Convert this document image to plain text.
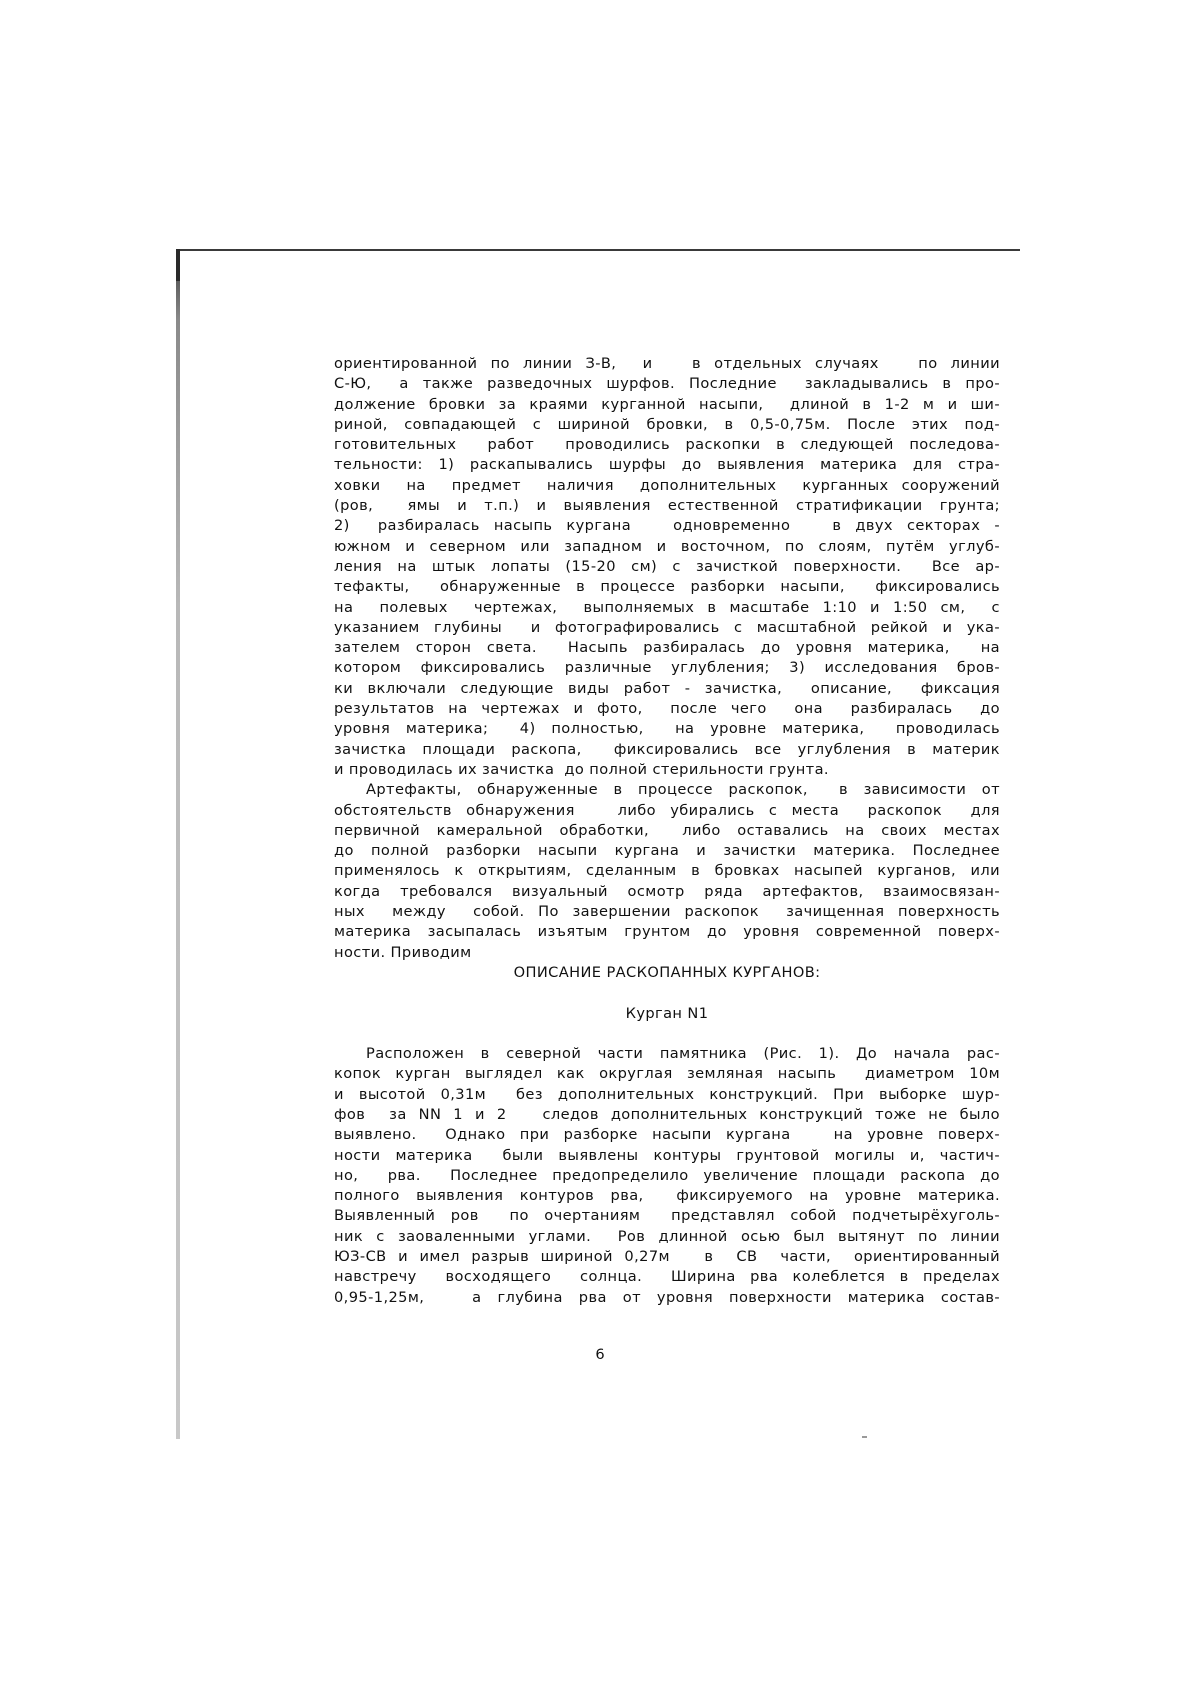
ориентированной по линии З-В,  и   в отдельных случаях   по линии
С-Ю,  а также разведочных шурфов. Последние  закладывались в про-
должение бровки за краями курганной насыпи,  длиной в 1-2 м и ши-
риной, совпадающей с шириной бровки, в 0,5-0,75м. После этих под-
готовительных  работ  проводились раскопки в следующей последова-
тельности: 1) раскапывались шурфы до выявления материка для стра-
ховки  на  предмет  наличия  дополнительных  курганных сооружений
(ров,  ямы и т.п.) и выявления естественной стратификации грунта;
2)  разбиралась насыпь кургана   одновременно   в двух секторах -
южном и северном или западном и восточном, по слоям, путём углуб-
ления на штык лопаты (15-20 см) с зачисткой поверхности.  Все ар-
тефакты,  обнаруженные в процессе разборки насыпи,  фиксировались
на  полевых  чертежах,  выполняемых в масштабе 1:10 и 1:50 см,  с
указанием глубины  и фотографировались с масштабной рейкой и ука-
зателем сторон света.  Насыпь разбиралась до уровня материка,  на
котором фиксировались различные углубления; 3) исследования бров-
ки включали следующие виды работ - зачистка,  описание,  фиксация
результатов на чертежах и фото,  после чего  она  разбиралась  до
уровня материка;  4) полностью,  на уровне материка,  проводилась
зачистка площади раскопа,  фиксировались все углубления в материк
и проводилась их зачистка  до полной стерильности грунта.
Артефакты, обнаруженные в процессе раскопок,  в зависимости от
обстоятельств обнаружения   либо убирались с места  раскопок  для
первичной камеральной обработки,  либо оставались на своих местах
до полной разборки насыпи кургана и зачистки материка. Последнее
применялось к открытиям, сделанным в бровках насыпей курганов, или
когда требовался визуальный осмотр ряда артефактов, взаимосвязан-
ных  между  собой. По завершении раскопок  зачищенная поверхность
материка засыпалась изъятым грунтом до уровня современной поверх-
ности. Приводим
ОПИСАНИЕ РАСКОПАННЫХ КУРГАНОВ:
Курган N1
Расположен в северной части памятника (Рис. 1). До начала рас-
копок курган выглядел как округлая земляная насыпь  диаметром 10м
и высотой 0,31м  без дополнительных конструкций. При выборке шур-
фов  за NN 1 и 2   следов дополнительных конструкций тоже не было
выявлено.  Однако при разборке насыпи кургана   на уровне поверх-
ности материка  были выявлены контуры грунтовой могилы и, частич-
но,  рва.  Последнее предопределило увеличение площади раскопа до
полного выявления контуров рва,  фиксируемого на уровне материка.
Выявленный ров  по очертаниям  представлял собой подчетырёхуголь-
ник с заоваленными углами.  Ров длинной осью был вытянут по линии
ЮЗ-СВ и имел разрыв шириной 0,27м   в  СВ  части,  ориентированный
навстречу  восходящего  солнца.  Ширина рва колеблется в пределах
0,95-1,25м,   а глубина рва от уровня поверхности материка состав-
6
